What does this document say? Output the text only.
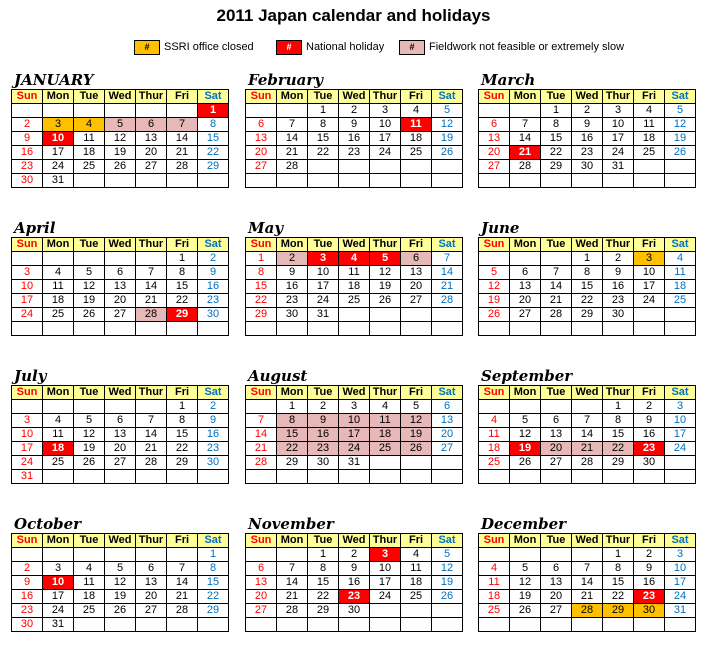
2011 Japan calendar and holidays
#	SSRI office closed	#	National holiday	#	Fieldwork not feasible or extremely slow
JANUARY
Sun	Mon	Tue	Wed	Thur	Fri	Sat
						1
2	3	4	5	6	7	8
9	10	11	12	13	14	15
16	17	18	19	20	21	22
23	24	25	26	27	28	29
30	31					
February
Sun	Mon	Tue	Wed	Thur	Fri	Sat
		1	2	3	4	5
6	7	8	9	10	11	12
13	14	15	16	17	18	19
20	21	22	23	24	25	26
27	28					

March
Sun	Mon	Tue	Wed	Thur	Fri	Sat
		1	2	3	4	5
6	7	8	9	10	11	12
13	14	15	16	17	18	19
20	21	22	23	24	25	26
27	28	29	30	31		

April
Sun	Mon	Tue	Wed	Thur	Fri	Sat
					1	2
3	4	5	6	7	8	9
10	11	12	13	14	15	16
17	18	19	20	21	22	23
24	25	26	27	28	29	30

May
Sun	Mon	Tue	Wed	Thur	Fri	Sat
1	2	3	4	5	6	7
8	9	10	11	12	13	14
15	16	17	18	19	20	21
22	23	24	25	26	27	28
29	30	31				

June
Sun	Mon	Tue	Wed	Thur	Fri	Sat
			1	2	3	4
5	6	7	8	9	10	11
12	13	14	15	16	17	18
19	20	21	22	23	24	25
26	27	28	29	30		

July
Sun	Mon	Tue	Wed	Thur	Fri	Sat
					1	2
3	4	5	6	7	8	9
10	11	12	13	14	15	16
17	18	19	20	21	22	23
24	25	26	27	28	29	30
31						
August
Sun	Mon	Tue	Wed	Thur	Fri	Sat
	1	2	3	4	5	6
7	8	9	10	11	12	13
14	15	16	17	18	19	20
21	22	23	24	25	26	27
28	29	30	31			

September
Sun	Mon	Tue	Wed	Thur	Fri	Sat
				1	2	3
4	5	6	7	8	9	10
11	12	13	14	15	16	17
18	19	20	21	22	23	24
25	26	27	28	29	30	

October
Sun	Mon	Tue	Wed	Thur	Fri	Sat
						1
2	3	4	5	6	7	8
9	10	11	12	13	14	15
16	17	18	19	20	21	22
23	24	25	26	27	28	29
30	31					
November
Sun	Mon	Tue	Wed	Thur	Fri	Sat
		1	2	3	4	5
6	7	8	9	10	11	12
13	14	15	16	17	18	19
20	21	22	23	24	25	26
27	28	29	30			

December
Sun	Mon	Tue	Wed	Thur	Fri	Sat
				1	2	3
4	5	6	7	8	9	10
11	12	13	14	15	16	17
18	19	20	21	22	23	24
25	26	27	28	29	30	31
